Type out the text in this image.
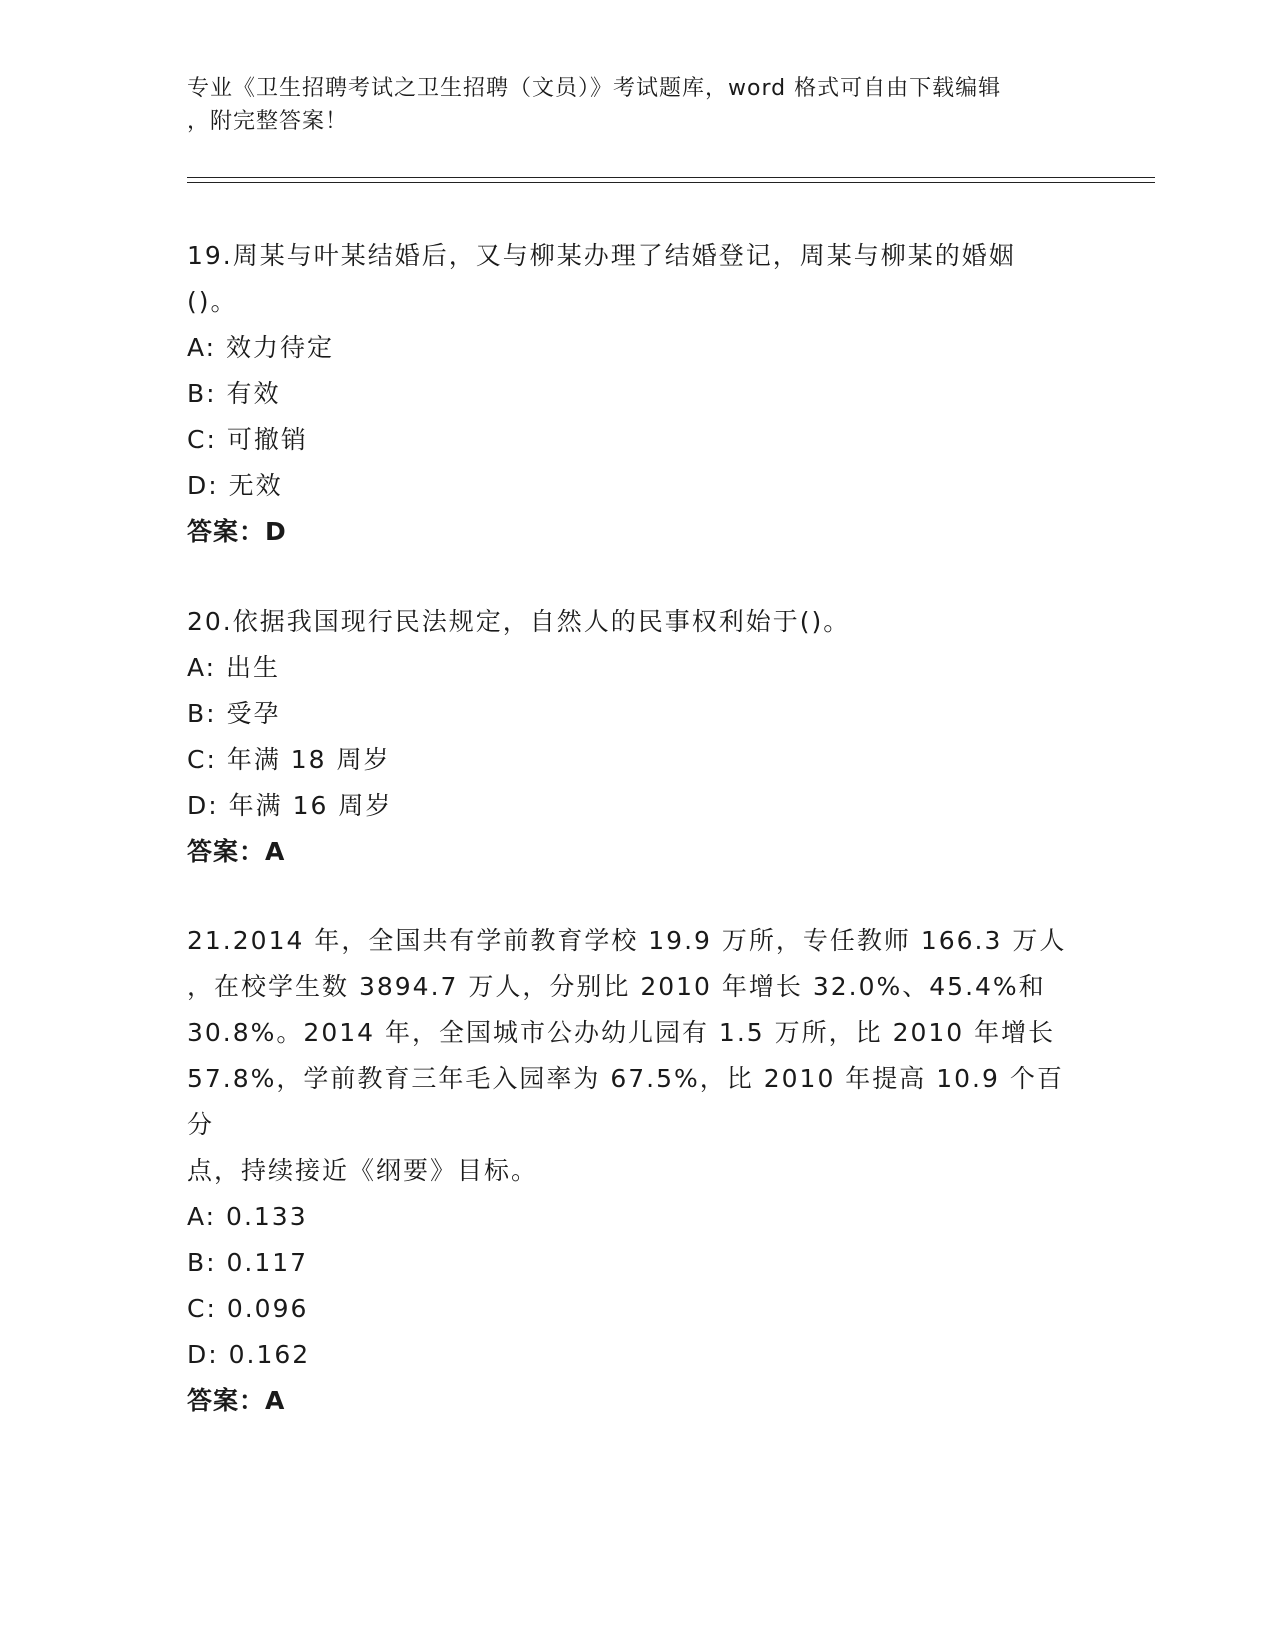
专业《卫生招聘考试之卫生招聘（文员）》考试题库，word 格式可自由下载编辑
，附完整答案！

19.周某与叶某结婚后，又与柳某办理了结婚登记，周某与柳某的婚姻

()。

A: 效力待定

B: 有效

C: 可撤销

D: 无效

答案：D

20.依据我国现行民法规定，自然人的民事权利始于()。

A: 出生

B: 受孕

C: 年满 18 周岁

D: 年满 16 周岁

答案：A

21.2014 年，全国共有学前教育学校 19.9 万所，专任教师 166.3 万人

，在校学生数 3894.7 万人，分别比 2010 年增长 32.0%、45.4%和

30.8%。2014 年，全国城市公办幼儿园有 1.5 万所，比 2010 年增长

57.8%，学前教育三年毛入园率为 67.5%，比 2010 年提高 10.9 个百分

点，持续接近《纲要》目标。

A: 0.133

B: 0.117

C: 0.096

D: 0.162

答案：A
